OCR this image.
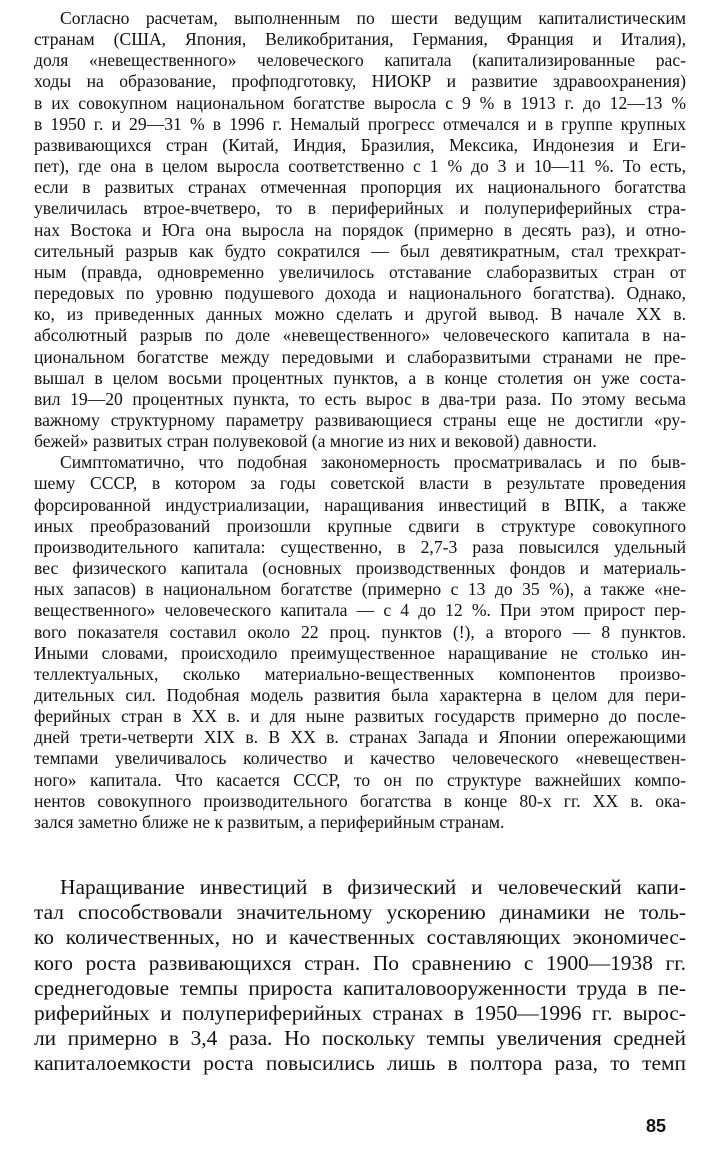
Согласно расчетам, выполненным по шести ведущим капиталистическим
странам (США, Япония, Великобритания, Германия, Франция и Италия),
доля «невещественного» человеческого капитала (капитализированные рас-
ходы на образование, профподготовку, НИОКР и развитие здравоохранения)
в их совокупном национальном богатстве выросла с 9 % в 1913 г. до 12—13 %
в 1950 г. и 29—31 % в 1996 г. Немалый прогресс отмечался и в группе крупных
развивающихся стран (Китай, Индия, Бразилия, Мексика, Индонезия и Еги-
пет), где она в целом выросла соответственно с 1 % до 3 и 10—11 %. То есть,
если в развитых странах отмеченная пропорция их национального богатства
увеличилась втрое-вчетверо, то в периферийных и полупериферийных стра-
нах Востока и Юга она выросла на порядок (примерно в десять раз), и отно-
сительный разрыв как будто сократился — был девятикратным, стал трехкрат-
ным (правда, одновременно увеличилось отставание слаборазвитых стран от
передовых по уровню подушевого дохода и национального богатства). Однако,
ко, из приведенных данных можно сделать и другой вывод. В начале XX в.
абсолютный разрыв по доле «невещественного» человеческого капитала в на-
циональном богатстве между передовыми и слаборазвитыми странами не пре-
вышал в целом восьми процентных пунктов, а в конце столетия он уже соста-
вил 19—20 процентных пункта, то есть вырос в два-три раза. По этому весьма
важному структурному параметру развивающиеся страны еще не достигли «ру-
бежей» развитых стран полувековой (а многие из них и вековой) давности.
Симптоматично, что подобная закономерность просматривалась и по быв-
шему СССР, в котором за годы советской власти в результате проведения
форсированной индустриализации, наращивания инвестиций в ВПК, а также
иных преобразований произошли крупные сдвиги в структуре совокупного
производительного капитала: существенно, в 2,7-3 раза повысился удельный
вес физического капитала (основных производственных фондов и материаль-
ных запасов) в национальном богатстве (примерно с 13 до 35 %), а также «не-
вещественного» человеческого капитала — с 4 до 12 %. При этом прирост пер-
вого показателя составил около 22 проц. пунктов (!), а второго — 8 пунктов.
Иными словами, происходило преимущественное наращивание не столько ин-
теллектуальных, сколько материально-вещественных компонентов произво-
дительных сил. Подобная модель развития была характерна в целом для пери-
ферийных стран в XX в. и для ныне развитых государств примерно до после-
дней трети-четверти XIX в. В XX в. странах Запада и Японии опережающими
темпами увеличивалось количество и качество человеческого «невеществен-
ного» капитала. Что касается СССР, то он по структуре важнейших компо-
нентов совокупного производительного богатства в конце 80-х гг. XX в. ока-
зался заметно ближе не к развитым, а периферийным странам.
Наращивание инвестиций в физический и человеческий капи-
тал способствовали значительному ускорению динамики не толь-
ко количественных, но и качественных составляющих экономичес-
кого роста развивающихся стран. По сравнению с 1900—1938 гг.
среднегодовые темпы прироста капиталовооруженности труда в пе-
риферийных и полупериферийных странах в 1950—1996 гг. вырос-
ли примерно в 3,4 раза. Но поскольку темпы увеличения средней
капиталоемкости роста повысились лишь в полтора раза, то темп
85
